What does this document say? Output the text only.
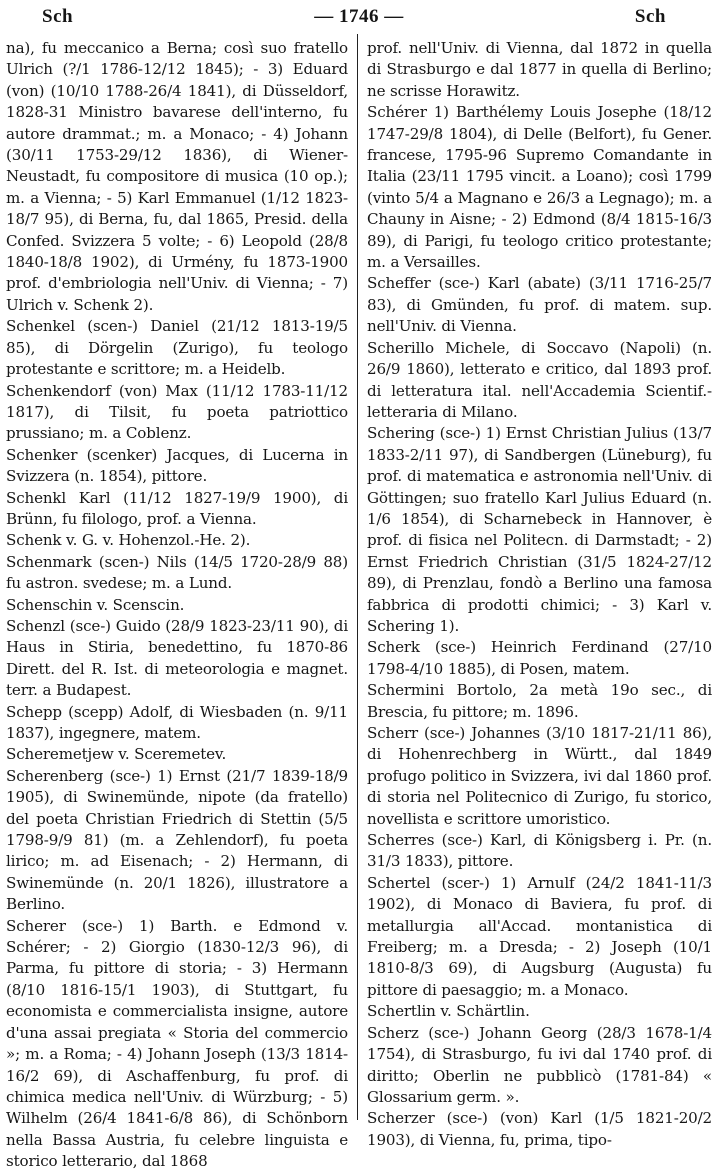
Sch	— 1746 —	Sch

na), fu meccanico a Berna; così suo fratello Ulrich (?/1 1786-12/12 1845); - 3) Eduard (von) (10/10 1788-26/4 1841), di Düsseldorf, 1828-31 Ministro bavarese dell'interno, fu autore drammat.; m. a Monaco; - 4) Johann (30/11 1753-29/12 1836), di Wiener-Neustadt, fu compositore di musica (10 op.); m. a Vienna; - 5) Karl Emmanuel (1/12 1823-18/7 95), di Berna, fu, dal 1865, Presid. della Confed. Svizzera 5 volte; - 6) Leopold (28/8 1840-18/8 1902), di Urmény, fu 1873-1900 prof. d'embriologia nell'Univ. di Vienna; - 7) Ulrich v. Schenk 2).

Schenkel (scen-) Daniel (21/12 1813-19/5 85), di Dörgelin (Zurigo), fu teologo protestante e scrittore; m. a Heidelb.

Schenkendorf (von) Max (11/12 1783-11/12 1817), di Tilsit, fu poeta patriottico prussiano; m. a Coblenz.

Schenker (scenker) Jacques, di Lucerna in Svizzera (n. 1854), pittore.

Schenkl Karl (11/12 1827-19/9 1900), di Brünn, fu filologo, prof. a Vienna.

Schenk v. G. v. Hohenzol.-He. 2).

Schenmark (scen-) Nils (14/5 1720-28/9 88) fu astron. svedese; m. a Lund.

Schenschin v. Scenscin.

Schenzl (sce-) Guido (28/9 1823-23/11 90), di Haus in Stiria, benedettino, fu 1870-86 Dirett. del R. Ist. di meteorologia e magnet. terr. a Budapest.

Schepp (scepp) Adolf, di Wiesbaden (n. 9/11 1837), ingegnere, matem.

Scheremetjew v. Sceremetev.

Scherenberg (sce-) 1) Ernst (21/7 1839-18/9 1905), di Swinemünde, nipote (da fratello) del poeta Christian Friedrich di Stettin (5/5 1798-9/9 81) (m. a Zehlendorf), fu poeta lirico; m. ad Eisenach; - 2) Hermann, di Swinemünde (n. 20/1 1826), illustratore a Berlino.

Scherer (sce-) 1) Barth. e Edmond v. Schérer; - 2) Giorgio (1830-12/3 96), di Parma, fu pittore di storia; - 3) Hermann (8/10 1816-15/1 1903), di Stuttgart, fu economista e commercialista insigne, autore d'una assai pregiata « Storia del commercio »; m. a Roma; - 4) Johann Joseph (13/3 1814-16/2 69), di Aschaffenburg, fu prof. di chimica medica nell'Univ. di Würzburg; - 5) Wilhelm (26/4 1841-6/8 86), di Schönborn nella Bassa Austria, fu celebre linguista e storico letterario, dal 1868

prof. nell'Univ. di Vienna, dal 1872 in quella di Strasburgo e dal 1877 in quella di Berlino; ne scrisse Horawitz.

Schérer 1) Barthélemy Louis Josephe (18/12 1747-29/8 1804), di Delle (Belfort), fu Gener. francese, 1795-96 Supremo Comandante in Italia (23/11 1795 vincit. a Loano); così 1799 (vinto 5/4 a Magnano e 26/3 a Legnago); m. a Chauny in Aisne; - 2) Edmond (8/4 1815-16/3 89), di Parigi, fu teologo critico protestante; m. a Versailles.

Scheffer (sce-) Karl (abate) (3/11 1716-25/7 83), di Gmünden, fu prof. di matem. sup. nell'Univ. di Vienna.

Scherillo Michele, di Soccavo (Napoli) (n. 26/9 1860), letterato e critico, dal 1893 prof. di letteratura ital. nell'Accademia Scientif.-letteraria di Milano.

Schering (sce-) 1) Ernst Christian Julius (13/7 1833-2/11 97), di Sandbergen (Lüneburg), fu prof. di matematica e astronomia nell'Univ. di Göttingen; suo fratello Karl Julius Eduard (n. 1/6 1854), di Scharnebeck in Hannover, è prof. di fisica nel Politecn. di Darmstadt; - 2) Ernst Friedrich Christian (31/5 1824-27/12 89), di Prenzlau, fondò a Berlino una famosa fabbrica di prodotti chimici; - 3) Karl v. Schering 1).

Scherk (sce-) Heinrich Ferdinand (27/10 1798-4/10 1885), di Posen, matem.

Schermini Bortolo, 2a metà 19o sec., di Brescia, fu pittore; m. 1896.

Scherr (sce-) Johannes (3/10 1817-21/11 86), di Hohenrechberg in Württ., dal 1849 profugo politico in Svizzera, ivi dal 1860 prof. di storia nel Politecnico di Zurigo, fu storico, novellista e scrittore umoristico.

Scherres (sce-) Karl, di Königsberg i. Pr. (n. 31/3 1833), pittore.

Schertel (scer-) 1) Arnulf (24/2 1841-11/3 1902), di Monaco di Baviera, fu prof. di metallurgia all'Accad. montanistica di Freiberg; m. a Dresda; - 2) Joseph (10/1 1810-8/3 69), di Augsburg (Augusta) fu pittore di paesaggio; m. a Monaco.

Schertlin v. Schärtlin.

Scherz (sce-) Johann Georg (28/3 1678-1/4 1754), di Strasburgo, fu ivi dal 1740 prof. di diritto; Oberlin ne pubblicò (1781-84) « Glossarium germ. ».

Scherzer (sce-) (von) Karl (1/5 1821-20/2 1903), di Vienna, fu, prima, tipo-
